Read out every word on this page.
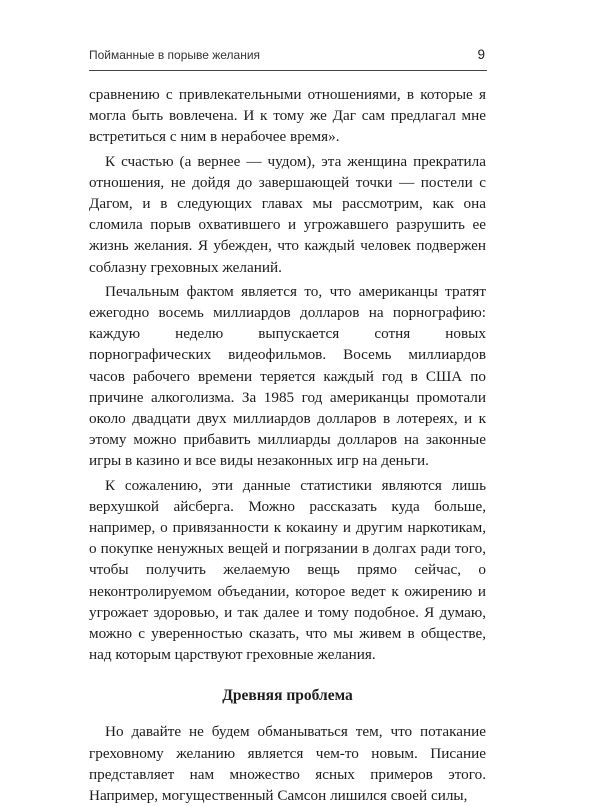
Пойманные в порыве желания	9

сравнению с привлекательными отношениями, в которые я могла быть вовлечена. И к тому же Даг сам предлагал мне встретиться с ним в нерабочее время».

К счастью (а вернее — чудом), эта женщина прекратила отношения, не дойдя до завершающей точки — постели с Дагом, и в следующих главах мы рассмотрим, как она сломила порыв охватившего и угрожавшего разрушить ее жизнь желания. Я убежден, что каждый человек подвержен соблазну греховных желаний.

Печальным фактом является то, что американцы тратят ежегодно восемь миллиардов долларов на порнографию: каждую неделю выпускается сотня новых порнографических видеофильмов. Восемь миллиардов часов рабочего времени теряется каждый год в США по причине алкоголизма. За 1985 год американцы промотали около двадцати двух миллиардов долларов в лотереях, и к этому можно прибавить миллиарды долларов на законные игры в казино и все виды незаконных игр на деньги.

К сожалению, эти данные статистики являются лишь верхушкой айсберга. Можно рассказать куда больше, например, о привязанности к кокаину и другим наркотикам, о покупке ненужных вещей и погрязании в долгах ради того, чтобы получить желаемую вещь прямо сейчас, о неконтролируемом объедании, которое ведет к ожирению и угрожает здоровью, и так далее и тому подобное. Я думаю, можно с уверенностью сказать, что мы живем в обществе, над которым царствуют греховные желания.

Древняя проблема

Но давайте не будем обманываться тем, что потакание греховному желанию является чем-то новым. Писание представляет нам множество ясных примеров этого. Например, могущественный Самсон лишился своей силы,
